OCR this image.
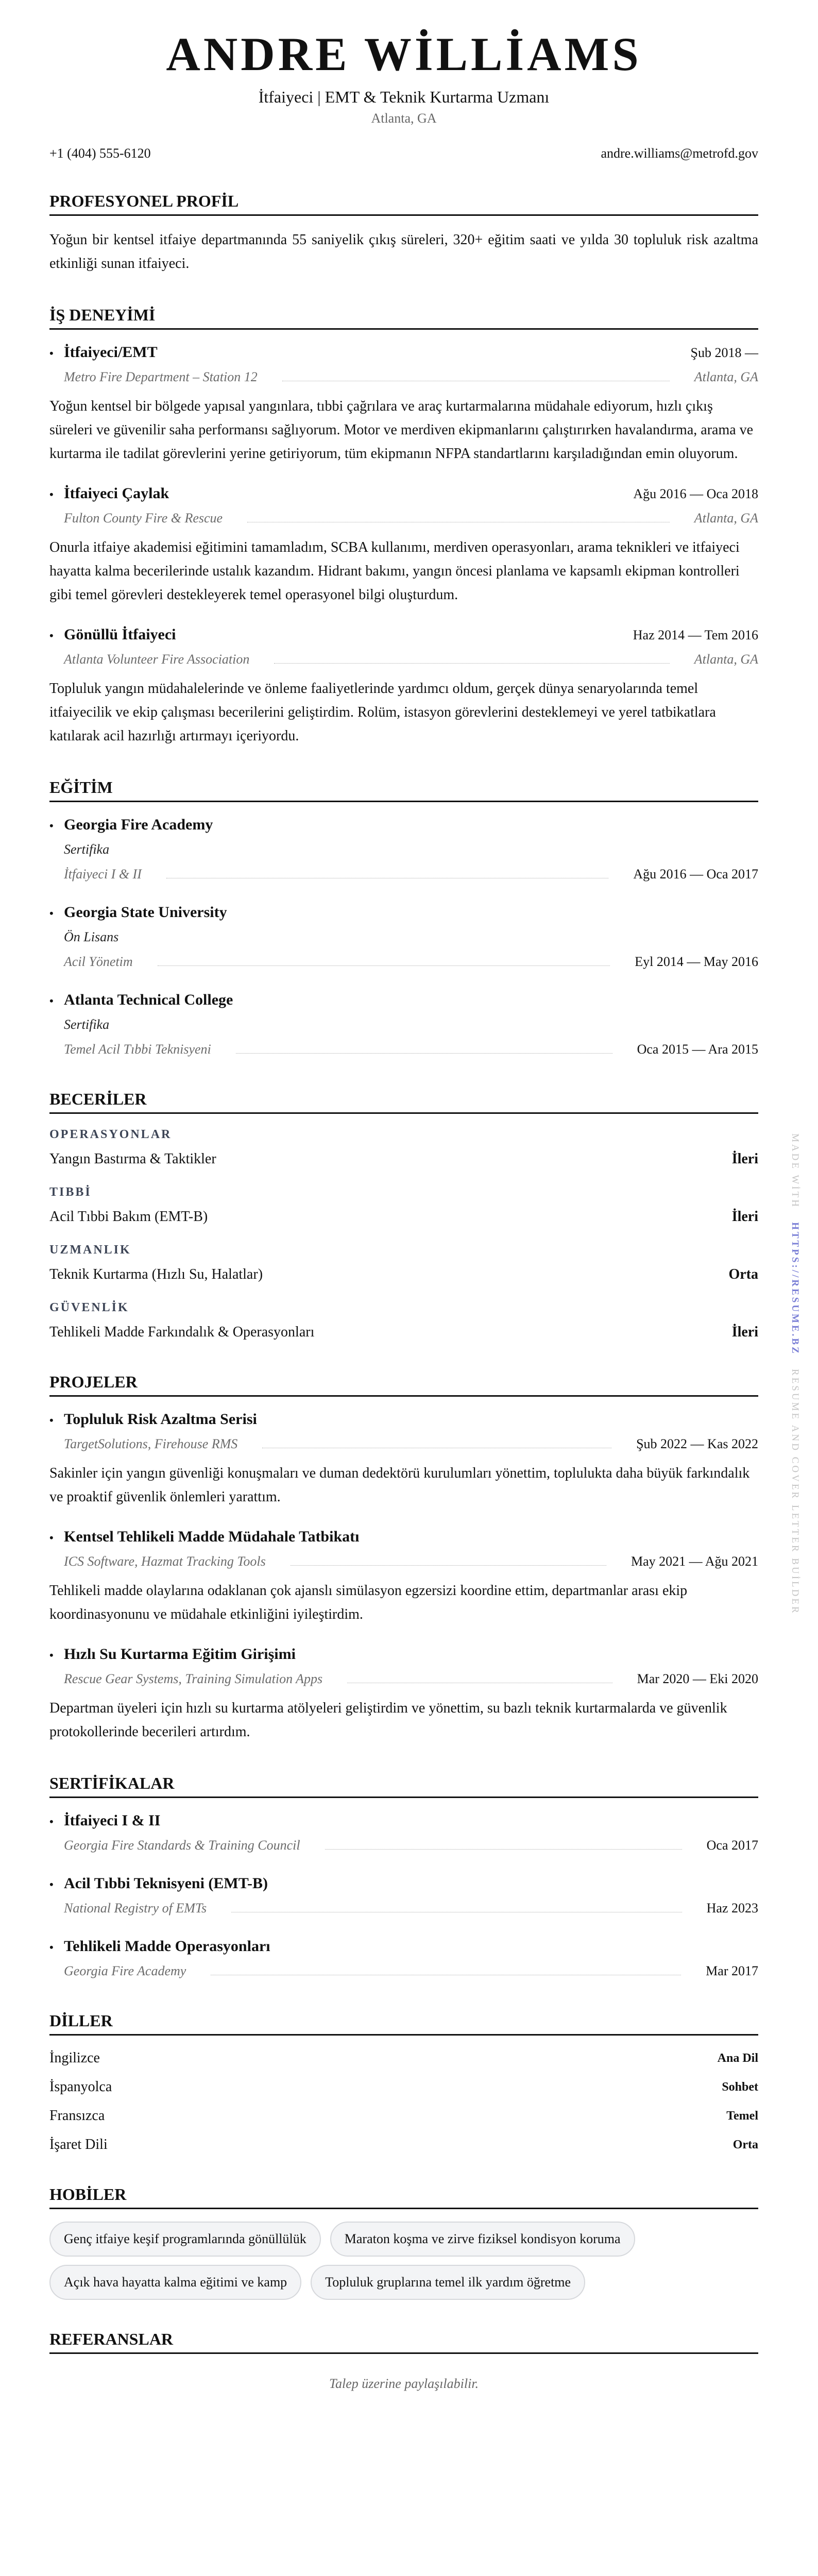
ANDRE WİLLİAMS
İtfaiyeci | EMT & Teknik Kurtarma Uzmanı
Atlanta, GA
+1 (404) 555-6120	andre.williams@metrofd.gov
PROFESYONEL PROFİL
Yoğun bir kentsel itfaiye departmanında 55 saniyelik çıkış süreleri, 320+ eğitim saati ve yılda 30 topluluk risk azaltma etkinliği sunan itfaiyeci.
İŞ DENEYİMİ
• İtfaiyeci/EMT	Şub 2018 —
Metro Fire Department – Station 12	Atlanta, GA
Yoğun kentsel bir bölgede yapısal yangınlara, tıbbi çağrılara ve araç kurtarmalarına müdahale ediyorum, hızlı çıkış süreleri ve güvenilir saha performansı sağlıyorum. Motor ve merdiven ekipmanlarını çalıştırırken havalandırma, arama ve kurtarma ile tadilat görevlerini yerine getiriyorum, tüm ekipmanın NFPA standartlarını karşıladığından emin oluyorum.
• İtfaiyeci Çaylak	Ağu 2016 — Oca 2018
Fulton County Fire & Rescue	Atlanta, GA
Onurla itfaiye akademisi eğitimini tamamladım, SCBA kullanımı, merdiven operasyonları, arama teknikleri ve itfaiyeci hayatta kalma becerilerinde ustalık kazandım. Hidrant bakımı, yangın öncesi planlama ve kapsamlı ekipman kontrolleri gibi temel görevleri destekleyerek temel operasyonel bilgi oluşturdum.
• Gönüllü İtfaiyeci	Haz 2014 — Tem 2016
Atlanta Volunteer Fire Association	Atlanta, GA
Topluluk yangın müdahalelerinde ve önleme faaliyetlerinde yardımcı oldum, gerçek dünya senaryolarında temel itfaiyecilik ve ekip çalışması becerilerini geliştirdim. Rolüm, istasyon görevlerini desteklemeyi ve yerel tatbikatlara katılarak acil hazırlığı artırmayı içeriyordu.
EĞİTİM
• Georgia Fire Academy
Sertifika
İtfaiyeci I & II	Ağu 2016 — Oca 2017
• Georgia State University
Ön Lisans
Acil Yönetim	Eyl 2014 — May 2016
• Atlanta Technical College
Sertifika
Temel Acil Tıbbi Teknisyeni	Oca 2015 — Ara 2015
BECERİLER
OPERASYONLAR
Yangın Bastırma & Taktikler	İleri
TIBBİ
Acil Tıbbi Bakım (EMT-B)	İleri
UZMANLIK
Teknik Kurtarma (Hızlı Su, Halatlar)	Orta
GÜVENLİK
Tehlikeli Madde Farkındalık & Operasyonları	İleri
PROJELER
• Topluluk Risk Azaltma Serisi
TargetSolutions, Firehouse RMS	Şub 2022 — Kas 2022
Sakinler için yangın güvenliği konuşmaları ve duman dedektörü kurulumları yönettim, toplulukta daha büyük farkındalık ve proaktif güvenlik önlemleri yarattım.
• Kentsel Tehlikeli Madde Müdahale Tatbikatı
ICS Software, Hazmat Tracking Tools	May 2021 — Ağu 2021
Tehlikeli madde olaylarına odaklanan çok ajanslı simülasyon egzersizi koordine ettim, departmanlar arası ekip koordinasyonunu ve müdahale etkinliğini iyileştirdim.
• Hızlı Su Kurtarma Eğitim Girişimi
Rescue Gear Systems, Training Simulation Apps	Mar 2020 — Eki 2020
Departman üyeleri için hızlı su kurtarma atölyeleri geliştirdim ve yönettim, su bazlı teknik kurtarmalarda ve güvenlik protokollerinde becerileri artırdım.
SERTİFİKALAR
• İtfaiyeci I & II
Georgia Fire Standards & Training Council	Oca 2017
• Acil Tıbbi Teknisyeni (EMT-B)
National Registry of EMTs	Haz 2023
• Tehlikeli Madde Operasyonları
Georgia Fire Academy	Mar 2017
DİLLER
İngilizce	Ana Dil
İspanyolca	Sohbet
Fransızca	Temel
İşaret Dili	Orta
HOBİLER
Genç itfaiye keşif programlarında gönüllülük	Maraton koşma ve zirve fiziksel kondisyon koruma
Açık hava hayatta kalma eğitimi ve kamp	Topluluk gruplarına temel ilk yardım öğretme
REFERANSLAR
Talep üzerine paylaşılabilir.
MADE WİTH   HTTPS://RESUME.BZ   RESUME AND COVER LETTER BUİLDER
